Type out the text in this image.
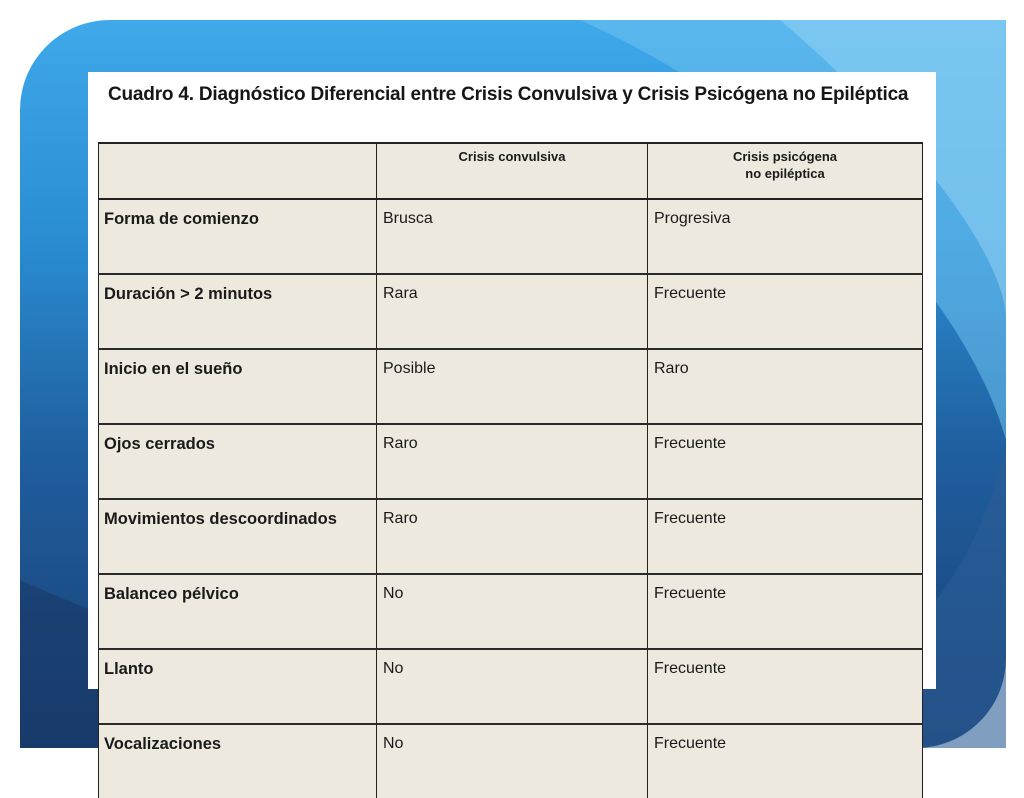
Cuadro 4. Diagnóstico Diferencial entre Crisis Convulsiva y Crisis Psicógena no Epiléptica
	Crisis convulsiva	Crisis psicógena
no epiléptica

Forma de comienzo	Brusca	Progresiva
Duración > 2 minutos	Rara	Frecuente
Inicio en el sueño	Posible	Raro
Ojos cerrados	Raro	Frecuente
Movimientos descoordinados	Raro	Frecuente
Balanceo pélvico	No	Frecuente
Llanto	No	Frecuente
Vocalizaciones	No	Frecuente
